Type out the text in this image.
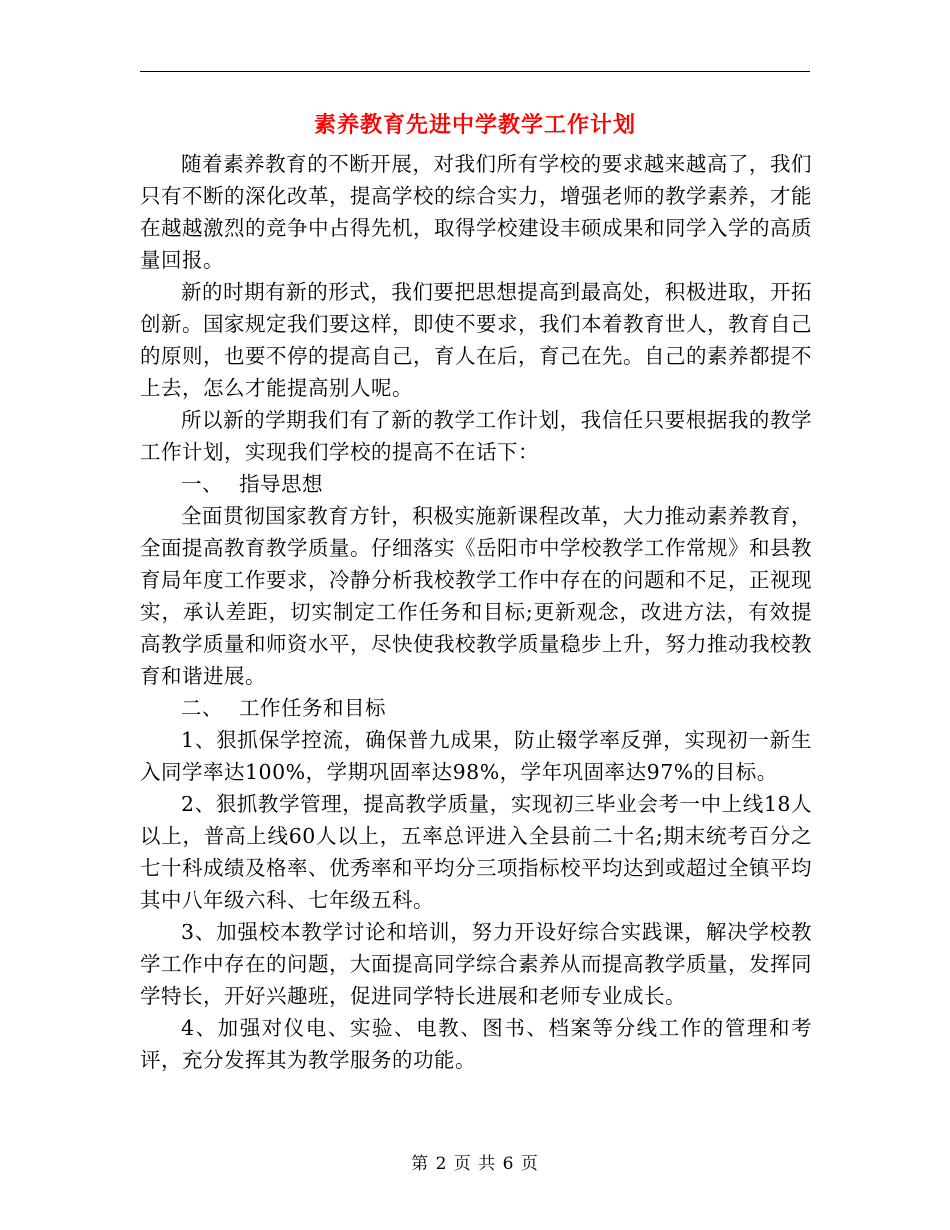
素养教育先进中学教学工作计划

随着素养教育的不断开展，对我们所有学校的要求越来越高了，我们只有不断的深化改革，提高学校的综合实力，增强老师的教学素养，才能在越越激烈的竞争中占得先机，取得学校建设丰硕成果和同学入学的高质量回报。

新的时期有新的形式，我们要把思想提高到最高处，积极进取，开拓创新。国家规定我们要这样，即使不要求，我们本着教育世人，教育自己的原则，也要不停的提高自己，育人在后，育己在先。自己的素养都提不上去，怎么才能提高别人呢。

所以新的学期我们有了新的教学工作计划，我信任只要根据我的教学工作计划，实现我们学校的提高不在话下：

一、 指导思想

全面贯彻国家教育方针，积极实施新课程改革，大力推动素养教育，全面提高教育教学质量。仔细落实《岳阳市中学校教学工作常规》和县教育局年度工作要求，冷静分析我校教学工作中存在的问题和不足，正视现实，承认差距，切实制定工作任务和目标;更新观念，改进方法，有效提高教学质量和师资水平，尽快使我校教学质量稳步上升，努力推动我校教育和谐进展。

二、 工作任务和目标

1、狠抓保学控流，确保普九成果，防止辍学率反弹，实现初一新生入同学率达100%，学期巩固率达98%，学年巩固率达97%的目标。

2、狠抓教学管理，提高教学质量，实现初三毕业会考一中上线18人以上，普高上线60人以上，五率总评进入全县前二十名;期末统考百分之七十科成绩及格率、优秀率和平均分三项指标校平均达到或超过全镇平均其中八年级六科、七年级五科。

3、加强校本教学讨论和培训，努力开设好综合实践课，解决学校教学工作中存在的问题，大面提高同学综合素养从而提高教学质量，发挥同学特长，开好兴趣班，促进同学特长进展和老师专业成长。

4、加强对仪电、实验、电教、图书、档案等分线工作的管理和考评，充分发挥其为教学服务的功能。

第 2 页 共 6 页
